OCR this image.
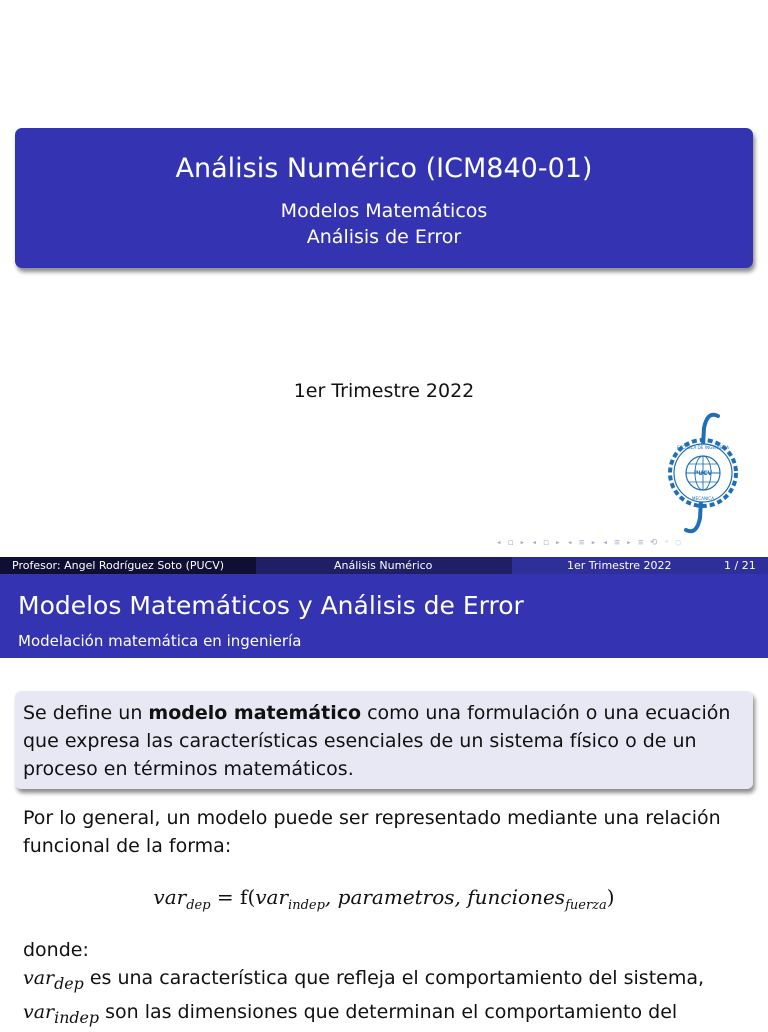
Análisis Numérico (ICM840-01)
Modelos Matemáticos
Análisis de Error
1er Trimestre 2022
ESCUELA DE INGENIERIA
MECANICA
PUCV
◂ ◻ ▸ ◂ ◻ ▸ ◂ ≡ ▸ ◂ ≡ ▸ ≡ ⟲ ◦ ◌
Profesor: Angel Rodríguez Soto (PUCV)	Análisis Numérico	1er Trimestre 2022	1 / 21
Modelos Matemáticos y Análisis de Error
Modelación matemática en ingeniería
Se define un modelo matemático como una formulación o una ecuación que expresa las características esenciales de un sistema físico o de un proceso en términos matemáticos.
Por lo general, un modelo puede ser representado mediante una relación funcional de la forma:
var$_{dep}$ = f(var$_{indep}$, parametros, funciones$_{fuerza}$)
donde:
var$_{dep}$ es una característica que refleja el comportamiento del sistema,
var$_{indep}$ son las dimensiones que determinan el comportamiento del
